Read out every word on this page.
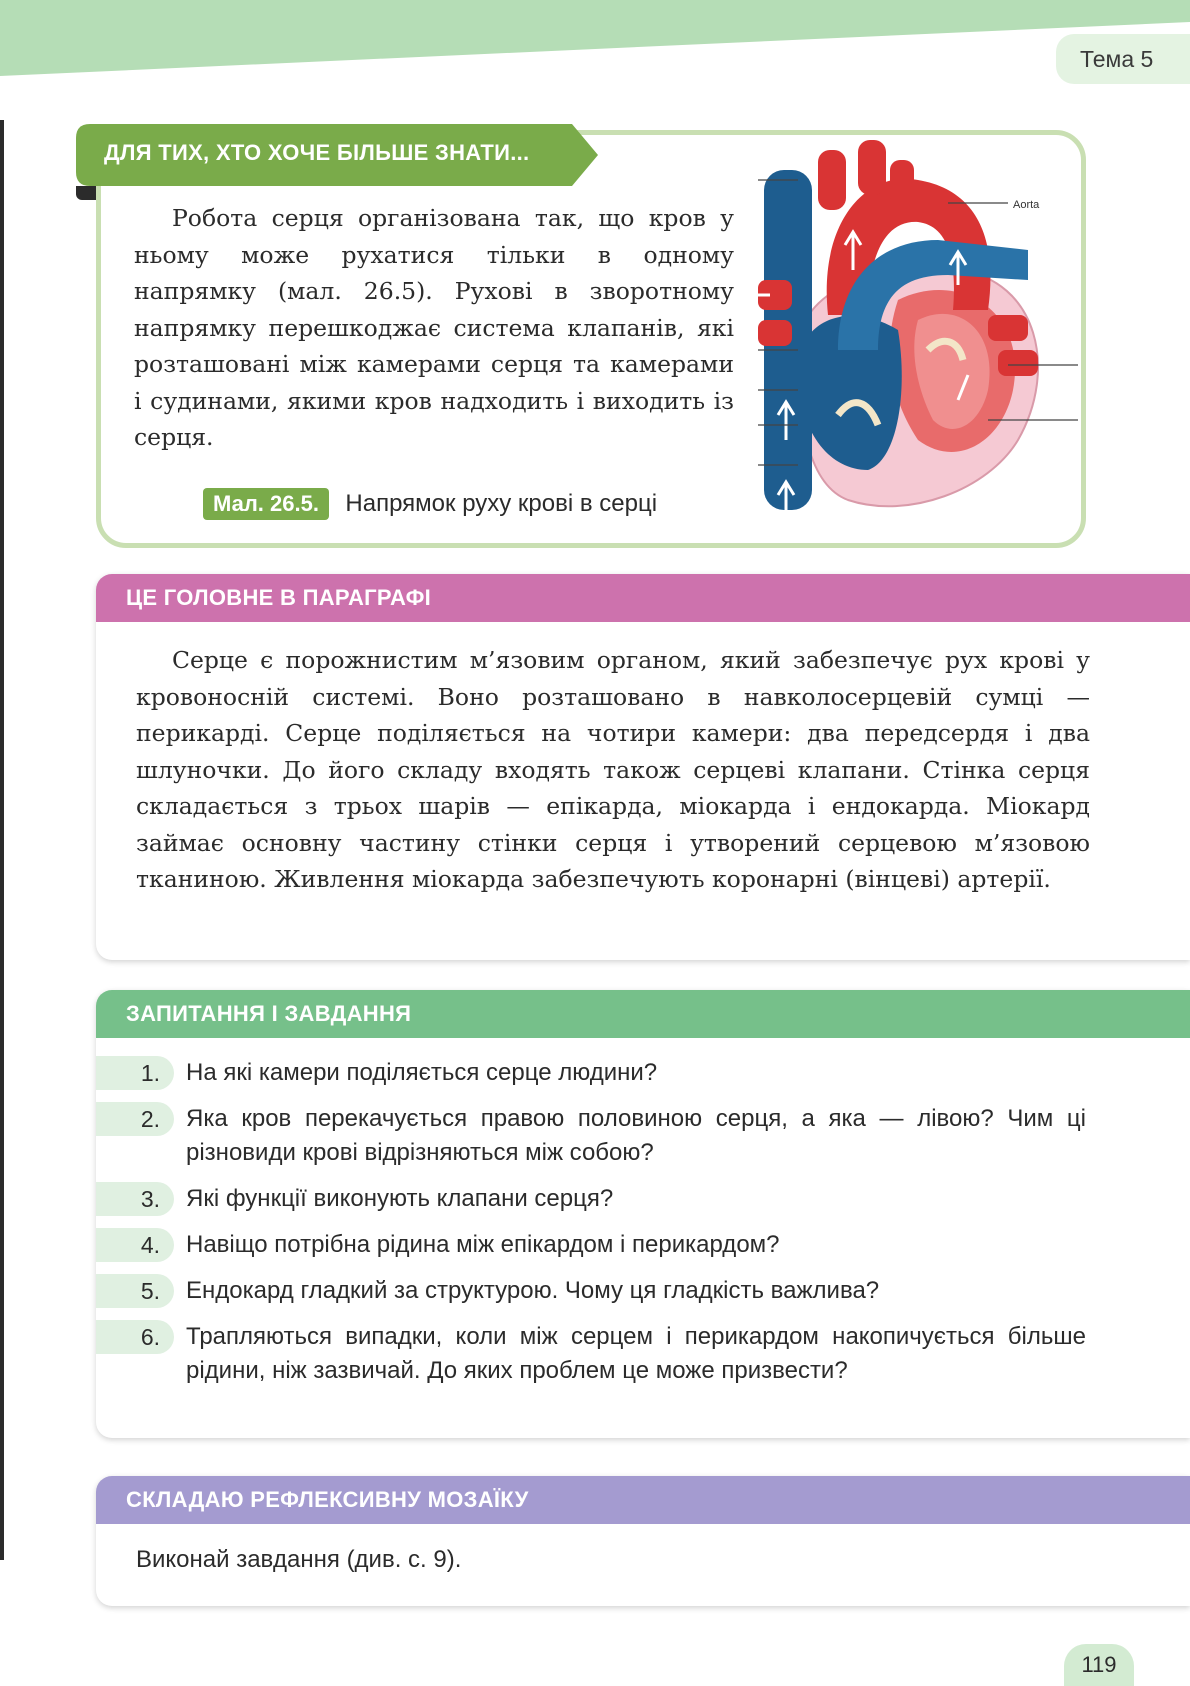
Тема 5
ДЛЯ ТИХ, ХТО ХОЧЕ БІЛЬШЕ ЗНАТИ...

Робота серця організована так, що кров у ньому може рухатися тільки в одному напрямку (мал. 26.5). Рухові в зворотному напрямку перешкоджає система клапанів, які розташовані між камерами серця та камерами і судинами, якими кров надходить і виходить із серця.

Мал. 26.5. Напрямок руху крові в серці
Aorta
ЦЕ ГОЛОВНЕ В ПАРАГРАФІ

Серце є порожнистим м’язовим органом, який забезпечує рух крові у кровоносній системі. Воно розташовано в навколосерцевій сумці — перикарді. Серце поділяється на чотири камери: два передсердя і два шлуночки. До його складу входять також серцеві клапани. Стінка серця складається з трьох шарів — епікарда, міокарда і ендокарда. Міокард займає основну частину стінки серця і утворений серцевою м’язовою тканиною. Живлення міокарда забезпечують коронарні (вінцеві) артерії.

ЗАПИТАННЯ І ЗАВДАННЯ
1.	На які камери поділяється серце людини?
2.	Яка кров перекачується правою половиною серця, а яка — лівою? Чим ці різновиди крові відрізняються між собою?
3.	Які функції виконують клапани серця?
4.	Навіщо потрібна рідина між епікардом і перикардом?
5.	Ендокард гладкий за структурою. Чому ця гладкість важлива?
6.	Трапляються випадки, коли між серцем і перикардом накопичується більше рідини, ніж зазвичай. До яких проблем це може призвести?
СКЛАДАЮ РЕФЛЕКСИВНУ МОЗАЇКУ
Виконай завдання (див. с. 9).
119
